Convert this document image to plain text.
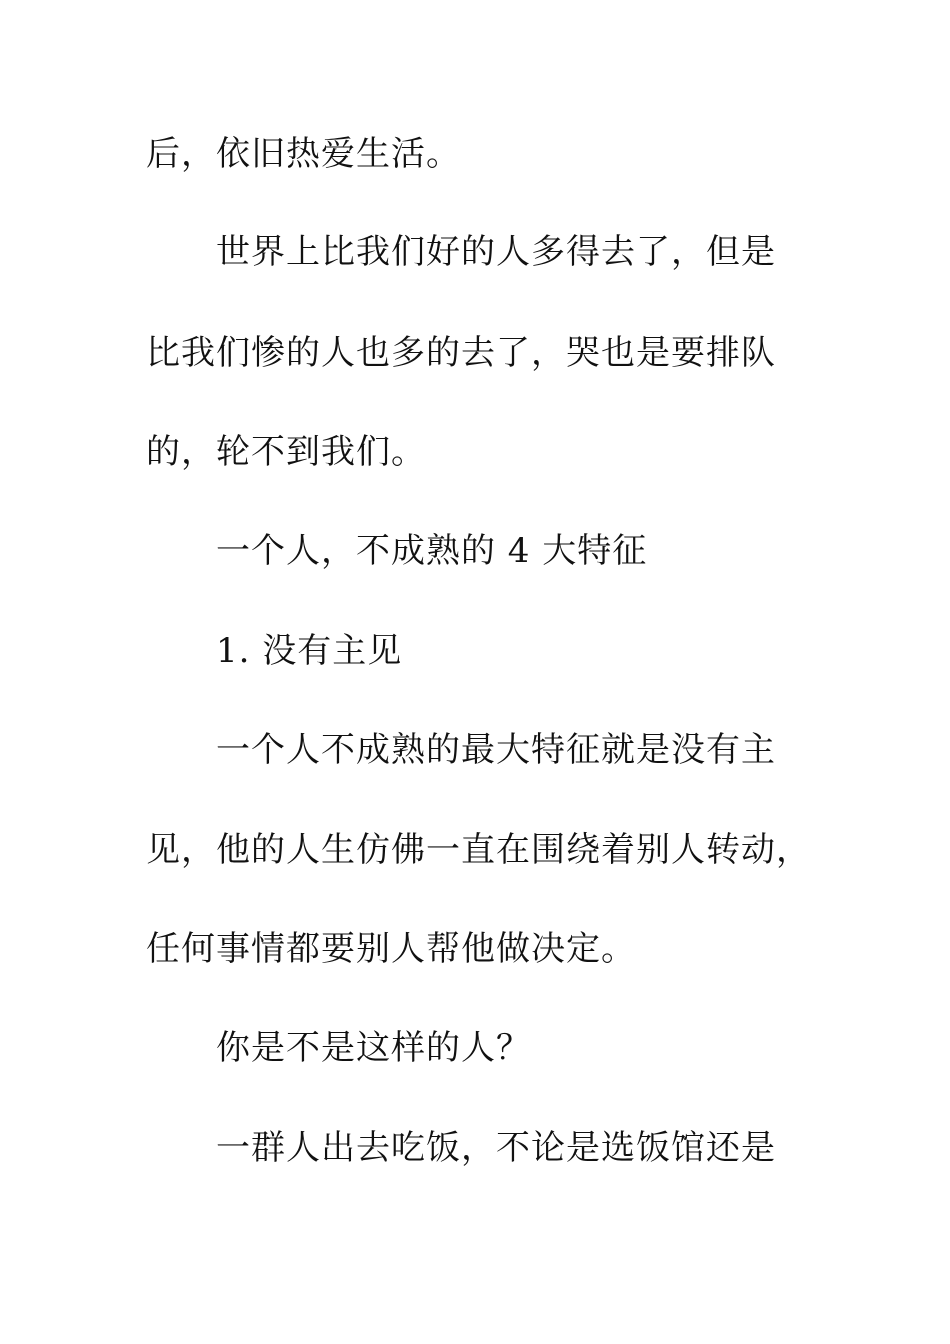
后，依旧热爱生活。

世界上比我们好的人多得去了，但是

比我们惨的人也多的去了，哭也是要排队

的，轮不到我们。

一个人，不成熟的 4 大特征

1. 没有主见

一个人不成熟的最大特征就是没有主

见，他的人生仿佛一直在围绕着别人转动，

任何事情都要别人帮他做决定。

你是不是这样的人？

一群人出去吃饭，不论是选饭馆还是
